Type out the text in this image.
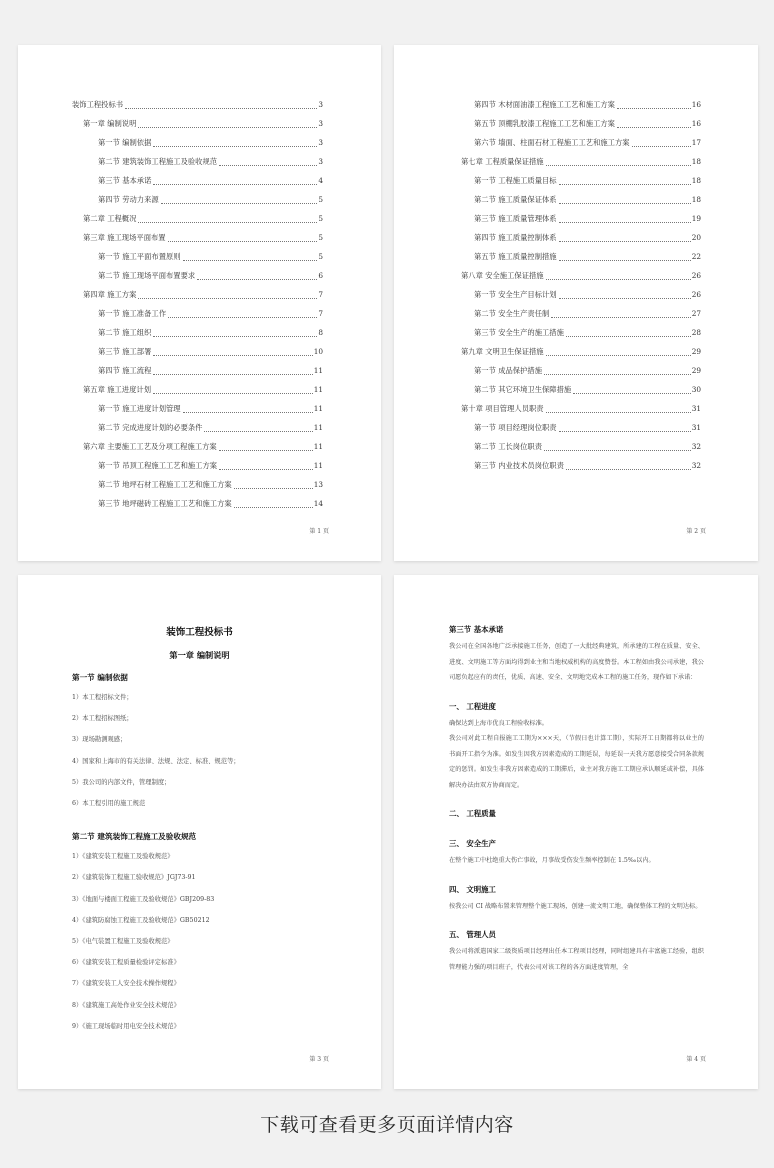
装饰工程投标书	3
第一章 编制说明	3
第一节 编制依据	3
第二节 建筑装饰工程施工及验收规范	3
第三节 基本承诺	4
第四节 劳动力来源	5
第二章 工程概况	5
第三章 施工现场平面布置	5
第一节 施工平面布置原则	5
第二节 施工现场平面布置要求	6
第四章 施工方案	7
第一节 施工准备工作	7
第二节 施工组织	8
第三节 施工部署	10
第四节 施工流程	11
第五章 施工进度计划	11
第一节 施工进度计划管理	11
第二节 完成进度计划的必要条件	11
第六章 主要施工工艺及分项工程施工方案	11
第一节 吊顶工程施工工艺和施工方案	11
第二节 地坪石材工程施工工艺和施工方案	13
第三节 地坪磁砖工程施工工艺和施工方案	14
第 1 页
第四节 木材面油漆工程施工工艺和施工方案	16
第五节 顶棚乳胶漆工程施工工艺和施工方案	16
第六节 墙面、柱面石材工程施工工艺和施工方案	17
第七章 工程质量保证措施	18
第一节 工程施工质量目标	18
第二节 施工质量保证体系	18
第三节 施工质量管理体系	19
第四节 施工质量控制体系	20
第五节 施工质量控制措施	22
第八章 安全施工保证措施	26
第一节 安全生产目标计划	26
第二节 安全生产责任制	27
第三节 安全生产的施工措施	28
第九章 文明卫生保证措施	29
第一节 成品保护措施	29
第二节 其它环境卫生保障措施	30
第十章 项目管理人员职责	31
第一节 项目经理岗位职责	31
第二节 工长岗位职责	32
第三节 内业技术员岗位职责	32
第 2 页
装饰工程投标书
第一章 编制说明
第一节 编制依据
1）本工程招标文件；
2）本工程招标图纸；
3）现场勘测观感；
4）国家和上海市的有关法律、法规、法定、标准、规范等；
5）我公司的内部文件，管理制度；
6）本工程引用的施工规范
第二节 建筑装饰工程施工及验收规范
1）《建筑安装工程施工及验收规范》
2）《建筑装饰工程施工验收规范》JGJ73-91
3）《地面与楼面工程施工及验收规范》GBJ209-83
4）《建筑防腐蚀工程施工及验收规范》GB50212
5）《电气装置工程施工及验收规范》
6）《建筑安装工程质量检验评定标准》
7）《建筑安装工人安全技术操作规程》
8）《建筑施工高处作业安全技术规范》
9）《施工现场临时用电安全技术规范》
第 3 页
第三节 基本承诺

我公司在全国各地广泛承接施工任务，创造了一大批经典建筑，所承建的工程在质量、安全、进度、文明施工等方面均得到业主和当地权威机构的高度赞誉。本工程如由我公司承建，我公司愿负起应有的责任，优质、高速、安全、文明地完成本工程的施工任务，现作如下承诺：

一、 工程进度

确保达到上海市优良工程验收标准。

我公司对此工程自报施工工期为×××天，（节假日也计算工期），实际开工日期都将以业主的书面开工指令为准。如发生因我方因素造成的工期延误，每延误一天我方愿意接受合同条款规定的惩罚。如发生非我方因素造成的工期滞后，业主对我方施工工期应承认顺延或补偿，具体解决办法由双方协商而定。

二、 工程质量
三、 安全生产

在整个施工中杜绝重大伤亡事故，月事故受伤发生频率控制在 1.5‰以内。

四、 文明施工

按我公司 CI 战略布置来管理整个施工现场，创建一流文明工地，确保整体工程的文明达标。

五、 管理人员

我公司将派遣国家二级资质项目经理出任本工程项目经理，同时组建具有丰富施工经验，组织管理能力强的项目班子，代表公司对该工程的各方面进度管理，全

第 4 页
下载可查看更多页面详情内容
